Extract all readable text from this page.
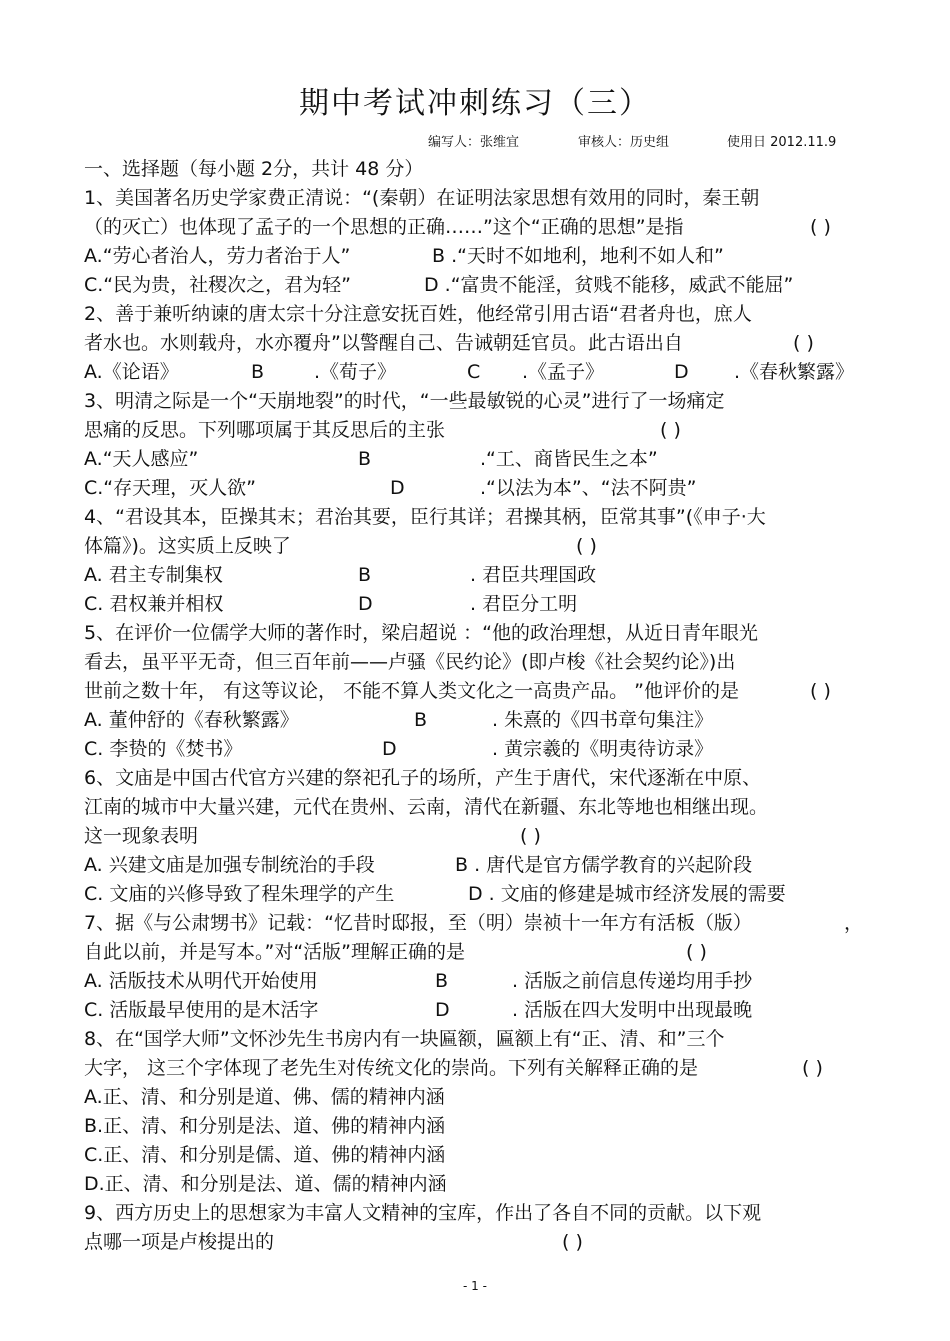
期中考试冲刺练习（三）
编写人：张维宜	审核人：历史组	使用日 2012.11.9
一、选择题（每小题 2分，共计 48 分）
1、美国著名历史学家费正清说：“(秦朝）在证明法家思想有效用的同时，秦王朝
（的灭亡）也体现了孟子的一个思想的正确……”这个“正确的思想”是指	( )
A.“劳心者治人，劳力者治于人”	B .“天时不如地利，地利不如人和”
C.“民为贵，社稷次之，君为轻”	D .“富贵不能淫，贫贱不能移，威武不能屈”
2、善于兼听纳谏的唐太宗十分注意安抚百姓，他经常引用古语“君者舟也，庶人
者水也。水则载舟，水亦覆舟”以警醒自己、告诫朝廷官员。此古语出自	( )
A.《论语》	B	.《荀子》	C .《孟子》	D .《春秋繁露》
3、明清之际是一个“天崩地裂”的时代，“一些最敏锐的心灵”进行了一场痛定
思痛的反思。下列哪项属于其反思后的主张	( )
A.“天人感应”	B	.“工、商皆民生之本”
C.“存天理，灭人欲”	D	.“以法为本”、“法不阿贵”
4、“君设其本，臣操其末；君治其要，臣行其详；君操其柄，臣常其事”(《申子·大
体篇》)。这实质上反映了	( )
A. 君主专制集权	B	. 君臣共理国政
C. 君权兼并相权	D	. 君臣分工明
5、在评价一位儒学大师的著作时，梁启超说 ：“他的政治理想，从近日青年眼光
看去，虽平平无奇，但三百年前——卢骚《民约论》(即卢梭《社会契约论》)出
世前之数十年， 有这等议论， 不能不算人类文化之一高贵产品。 ”他评价的是	( )
A. 董仲舒的《春秋繁露》	B	. 朱熹的《四书章句集注》
C. 李贽的《焚书》	D	. 黄宗羲的《明夷待访录》
6、文庙是中国古代官方兴建的祭祀孔子的场所，产生于唐代，宋代逐渐在中原、
江南的城市中大量兴建，元代在贵州、云南，清代在新疆、东北等地也相继出现。
这一现象表明	( )
A. 兴建文庙是加强专制统治的手段	B . 唐代是官方儒学教育的兴起阶段
C. 文庙的兴修导致了程朱理学的产生	D . 文庙的修建是城市经济发展的需要
7、据《与公肃甥书》记载：“忆昔时邸报，至（明）崇祯十一年方有活板（版）	，
自此以前，并是写本。”对“活版”理解正确的是	( )
A. 活版技术从明代开始使用	B	. 活版之前信息传递均用手抄
C. 活版最早使用的是木活字	D	. 活版在四大发明中出现最晚
8、在“国学大师”文怀沙先生书房内有一块匾额，匾额上有“正、清、和”三个
大字， 这三个字体现了老先生对传统文化的崇尚。下列有关解释正确的是	( )
A.正、清、和分别是道、佛、儒的精神内涵
B.正、清、和分别是法、道、佛的精神内涵
C.正、清、和分别是儒、道、佛的精神内涵
D.正、清、和分别是法、道、儒的精神内涵
9、西方历史上的思想家为丰富人文精神的宝库，作出了各自不同的贡献。以下观
点哪一项是卢梭提出的	( )
- 1 -
